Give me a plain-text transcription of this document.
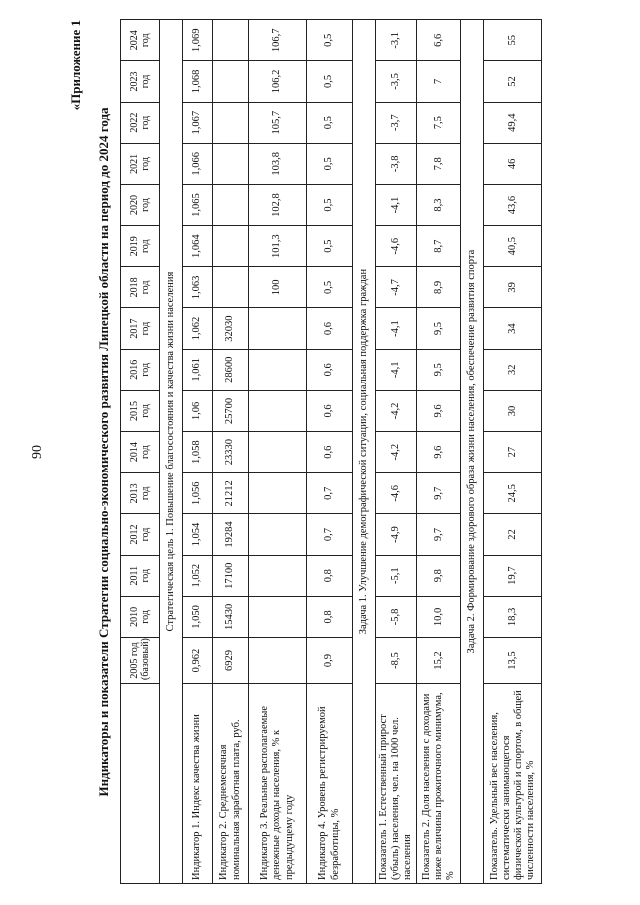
90
«Приложение 1
Индикаторы и показатели Стратегии социально-экономического развития Липецкой области на период до 2024 года
	2005 год (базовый)	2010 год	2011 год	2012 год	2013 год	2014 год	2015 год	2016 год	2017 год	2018 год	2019 год	2020 год	2021 год	2022 год	2023 год	2024 год
Стратегическая цель 1. Повышение благосостояния и качества жизни населения																
Индикатор 1. Индекс качества жизни	0,962	1,050	1,052	1,054	1,056	1,058	1,06	1,061	1,062	1,063	1,064	1,065	1,066	1,067	1,068	1,069
Индикатор 2. Среднемесячная номинальная заработная плата, руб.	6929	15430	17100	19284	21212	23330	25700	28600	32030							
Индикатор 3. Реальные располагаемые денежные доходы населения, % к предыдущему году										100	101,3	102,8	103,8	105,7	106,2	106,7
Индикатор 4. Уровень регистрируемой безработицы, %	0,9	0,8	0,8	0,7	0,7	0,6	0,6	0,6	0,6	0,5	0,5	0,5	0,5	0,5	0,5	0,5
Задача 1. Улучшение демографической ситуации, социальная поддержка граждан																
Показатель 1. Естественный прирост (убыль) населения, чел. на 1000 чел. населения	-8,5	-5,8	-5,1	-4,9	-4,6	-4,2	-4,2	-4,1	-4,1	-4,7	-4,6	-4,1	-3,8	-3,7	-3,5	-3,1
Показатель 2. Доля населения с доходами ниже величины прожиточного минимума, %	15,2	10,0	9,8	9,7	9,7	9,6	9,6	9,5	9,5	8,9	8,7	8,3	7,8	7,5	7	6,6
Задача 2. Формирование здорового образа жизни населения, обеспечение развития спорта																
Показатель. Удельный вес населения, систематически занимающегося физической культурой и спортом, в общей численности населения, %	13,5	18,3	19,7	22	24,5	27	30	32	34	39	40,5	43,6	46	49,4	52	55
